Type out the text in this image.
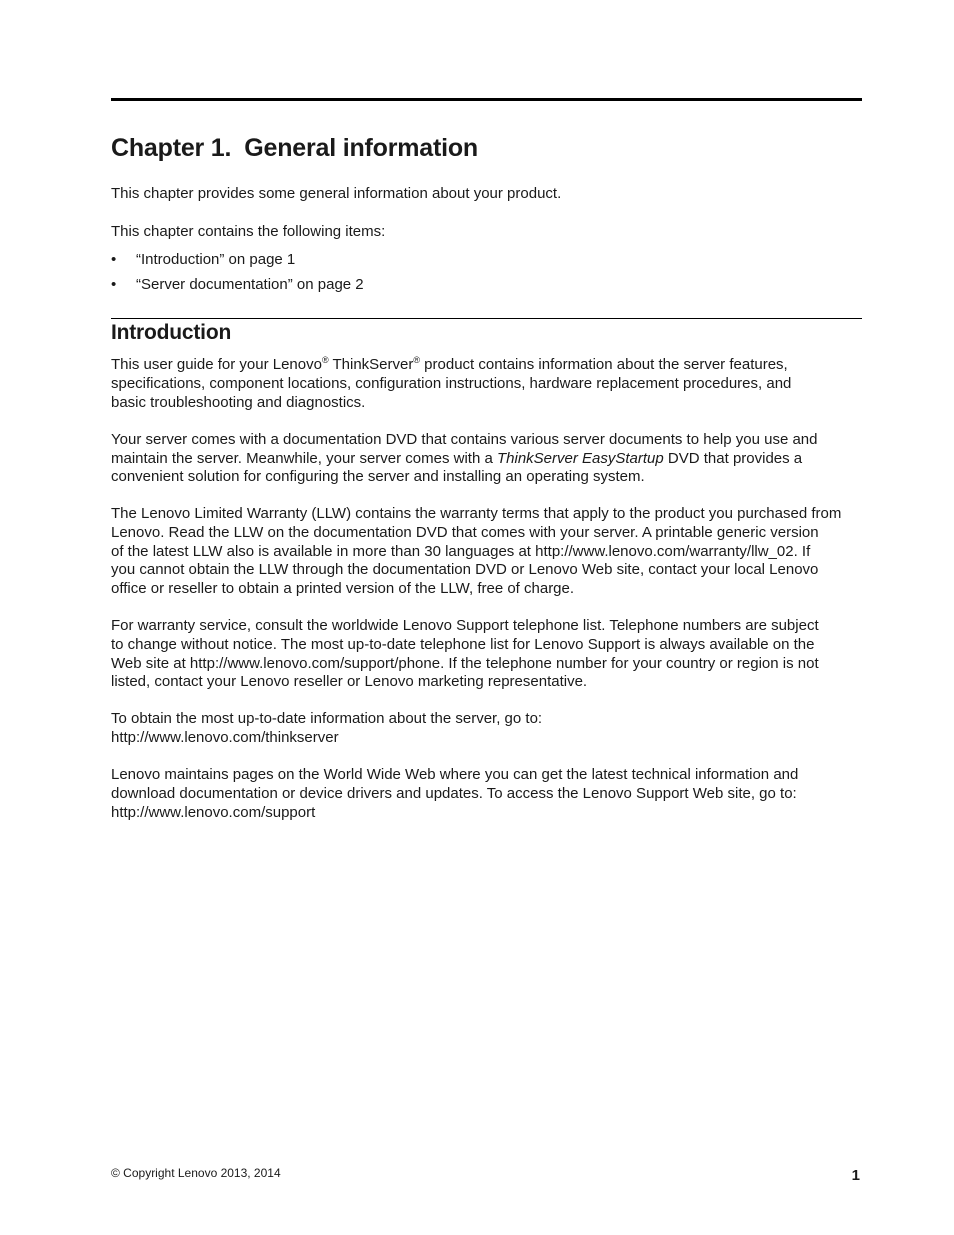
Chapter 1. General information

This chapter provides some general information about your product.

This chapter contains the following items:

• “Introduction” on page 1
• “Server documentation” on page 2
Introduction

This user guide for your Lenovo® ThinkServer® product contains information about the server features,

specifications, component locations, configuration instructions, hardware replacement procedures, and

basic troubleshooting and diagnostics.

Your server comes with a documentation DVD that contains various server documents to help you use and

maintain the server. Meanwhile, your server comes with a ThinkServer EasyStartup DVD that provides a

convenient solution for configuring the server and installing an operating system.

The Lenovo Limited Warranty (LLW) contains the warranty terms that apply to the product you purchased from

Lenovo. Read the LLW on the documentation DVD that comes with your server. A printable generic version

of the latest LLW also is available in more than 30 languages at http://www.lenovo.com/warranty/llw_02. If

you cannot obtain the LLW through the documentation DVD or Lenovo Web site, contact your local Lenovo

office or reseller to obtain a printed version of the LLW, free of charge.

For warranty service, consult the worldwide Lenovo Support telephone list. Telephone numbers are subject

to change without notice. The most up-to-date telephone list for Lenovo Support is always available on the

Web site at http://www.lenovo.com/support/phone. If the telephone number for your country or region is not

listed, contact your Lenovo reseller or Lenovo marketing representative.

To obtain the most up-to-date information about the server, go to:

http://www.lenovo.com/thinkserver

Lenovo maintains pages on the World Wide Web where you can get the latest technical information and

download documentation or device drivers and updates. To access the Lenovo Support Web site, go to:

http://www.lenovo.com/support

© Copyright Lenovo 2013, 2014	1
